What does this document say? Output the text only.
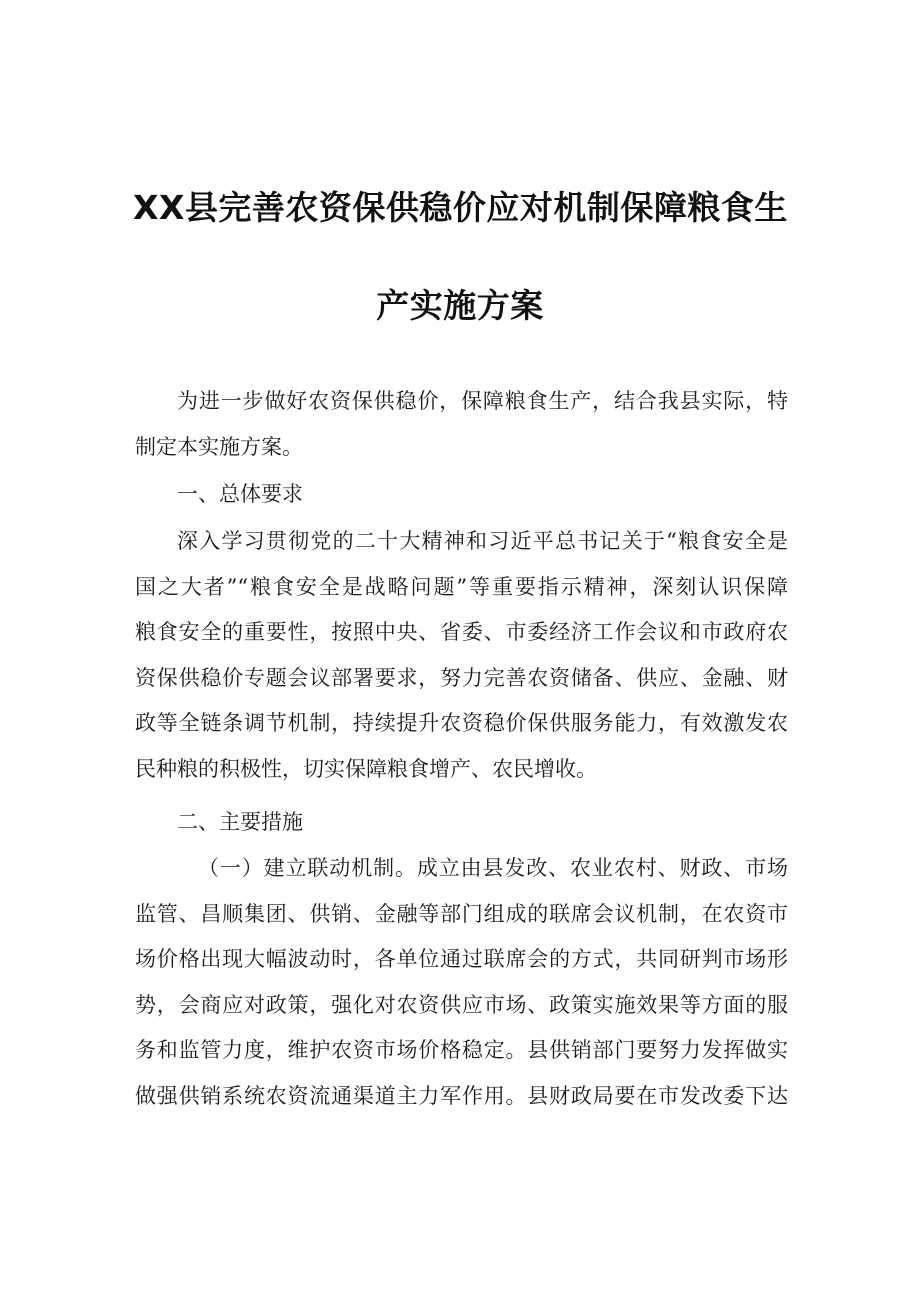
XX县完善农资保供稳价应对机制保障粮食生
产实施方案
为进一步做好农资保供稳价，保障粮食生产，结合我县实际，特
制定本实施方案。
一、总体要求
深入学习贯彻党的二十大精神和习近平总书记关于“粮食安全是
国之大者”“粮食安全是战略问题”等重要指示精神，深刻认识保障
粮食安全的重要性，按照中央、省委、市委经济工作会议和市政府农
资保供稳价专题会议部署要求，努力完善农资储备、供应、金融、财
政等全链条调节机制，持续提升农资稳价保供服务能力，有效激发农
民种粮的积极性，切实保障粮食增产、农民增收。
二、主要措施
（一）建立联动机制。成立由县发改、农业农村、财政、市场
监管、昌顺集团、供销、金融等部门组成的联席会议机制，在农资市
场价格出现大幅波动时，各单位通过联席会的方式，共同研判市场形
势，会商应对政策，强化对农资供应市场、政策实施效果等方面的服
务和监管力度，维护农资市场价格稳定。县供销部门要努力发挥做实
做强供销系统农资流通渠道主力军作用。县财政局要在市发改委下达
